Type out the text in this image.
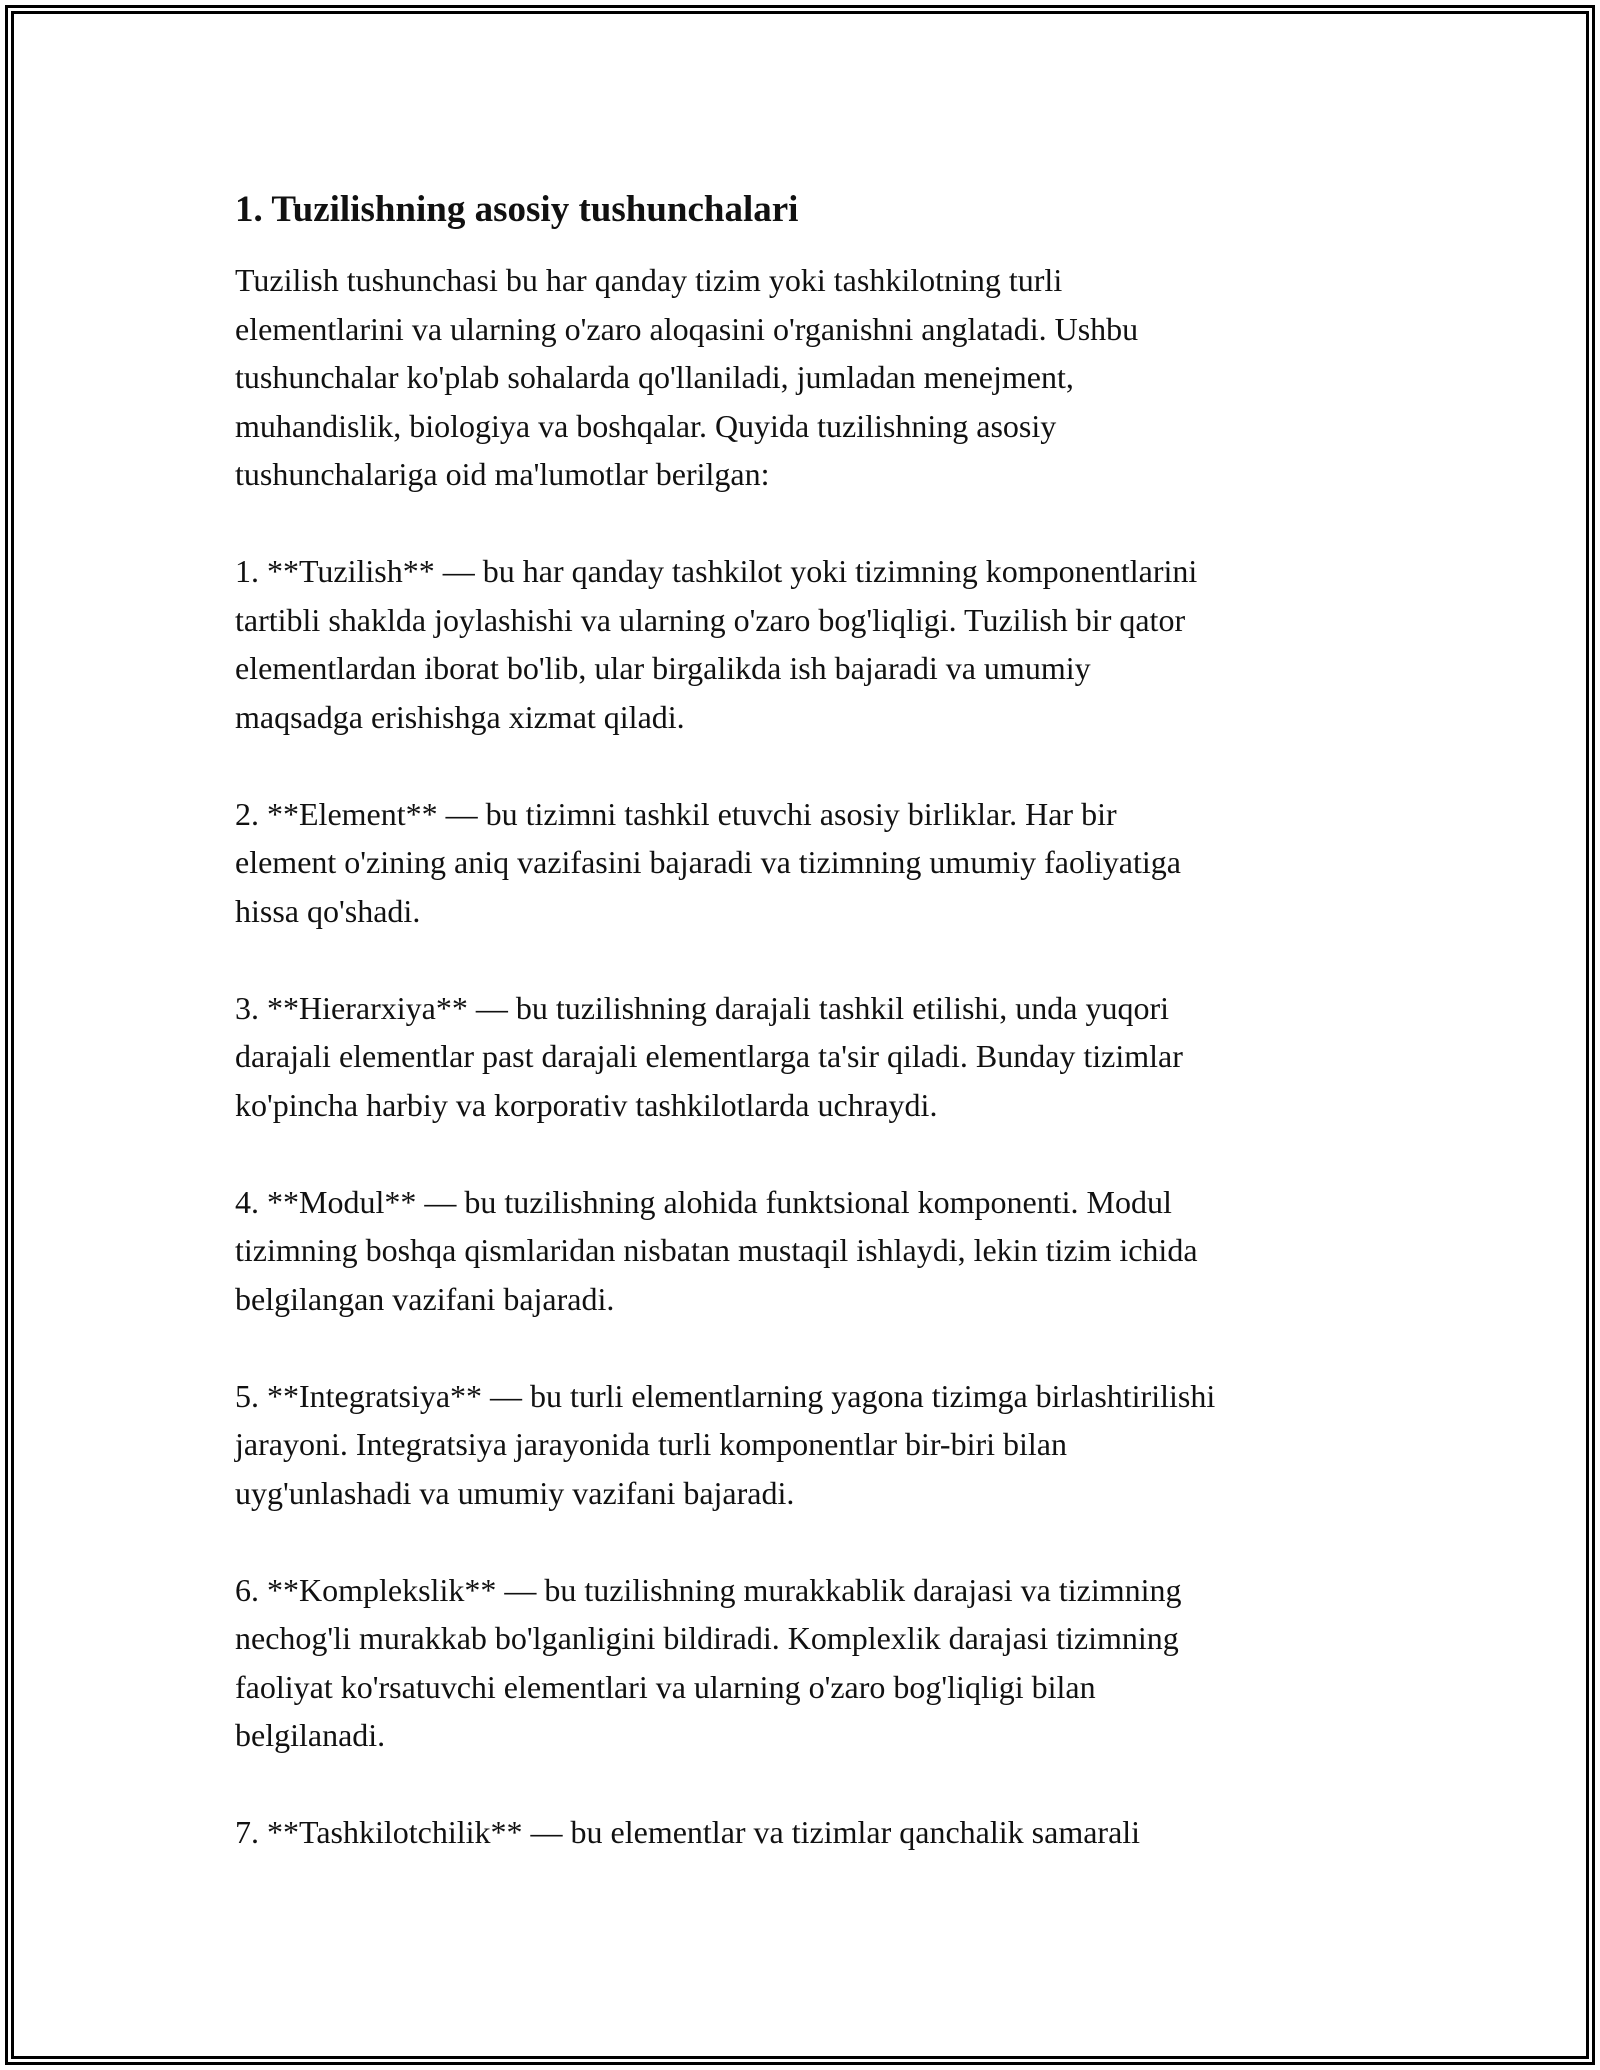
1. Tuzilishning asosiy tushunchalari

Tuzilish tushunchasi bu har qanday tizim yoki tashkilotning turli
elementlarini va ularning o'zaro aloqasini o'rganishni anglatadi. Ushbu
tushunchalar ko'plab sohalarda qo'llaniladi, jumladan menejment,
muhandislik, biologiya va boshqalar. Quyida tuzilishning asosiy
tushunchalariga oid ma'lumotlar berilgan:

1. **Tuzilish** — bu har qanday tashkilot yoki tizimning komponentlarini
tartibli shaklda joylashishi va ularning o'zaro bog'liqligi. Tuzilish bir qator
elementlardan iborat bo'lib, ular birgalikda ish bajaradi va umumiy
maqsadga erishishga xizmat qiladi.

2. **Element** — bu tizimni tashkil etuvchi asosiy birliklar. Har bir
element o'zining aniq vazifasini bajaradi va tizimning umumiy faoliyatiga
hissa qo'shadi.

3. **Hierarxiya** — bu tuzilishning darajali tashkil etilishi, unda yuqori
darajali elementlar past darajali elementlarga ta'sir qiladi. Bunday tizimlar
ko'pincha harbiy va korporativ tashkilotlarda uchraydi.

4. **Modul** — bu tuzilishning alohida funktsional komponenti. Modul
tizimning boshqa qismlaridan nisbatan mustaqil ishlaydi, lekin tizim ichida
belgilangan vazifani bajaradi.

5. **Integratsiya** — bu turli elementlarning yagona tizimga birlashtirilishi
jarayoni. Integratsiya jarayonida turli komponentlar bir-biri bilan
uyg'unlashadi va umumiy vazifani bajaradi.

6. **Komplekslik** — bu tuzilishning murakkablik darajasi va tizimning
nechog'li murakkab bo'lganligini bildiradi. Komplexlik darajasi tizimning
faoliyat ko'rsatuvchi elementlari va ularning o'zaro bog'liqligi bilan
belgilanadi.

7. **Tashkilotchilik** — bu elementlar va tizimlar qanchalik samarali
